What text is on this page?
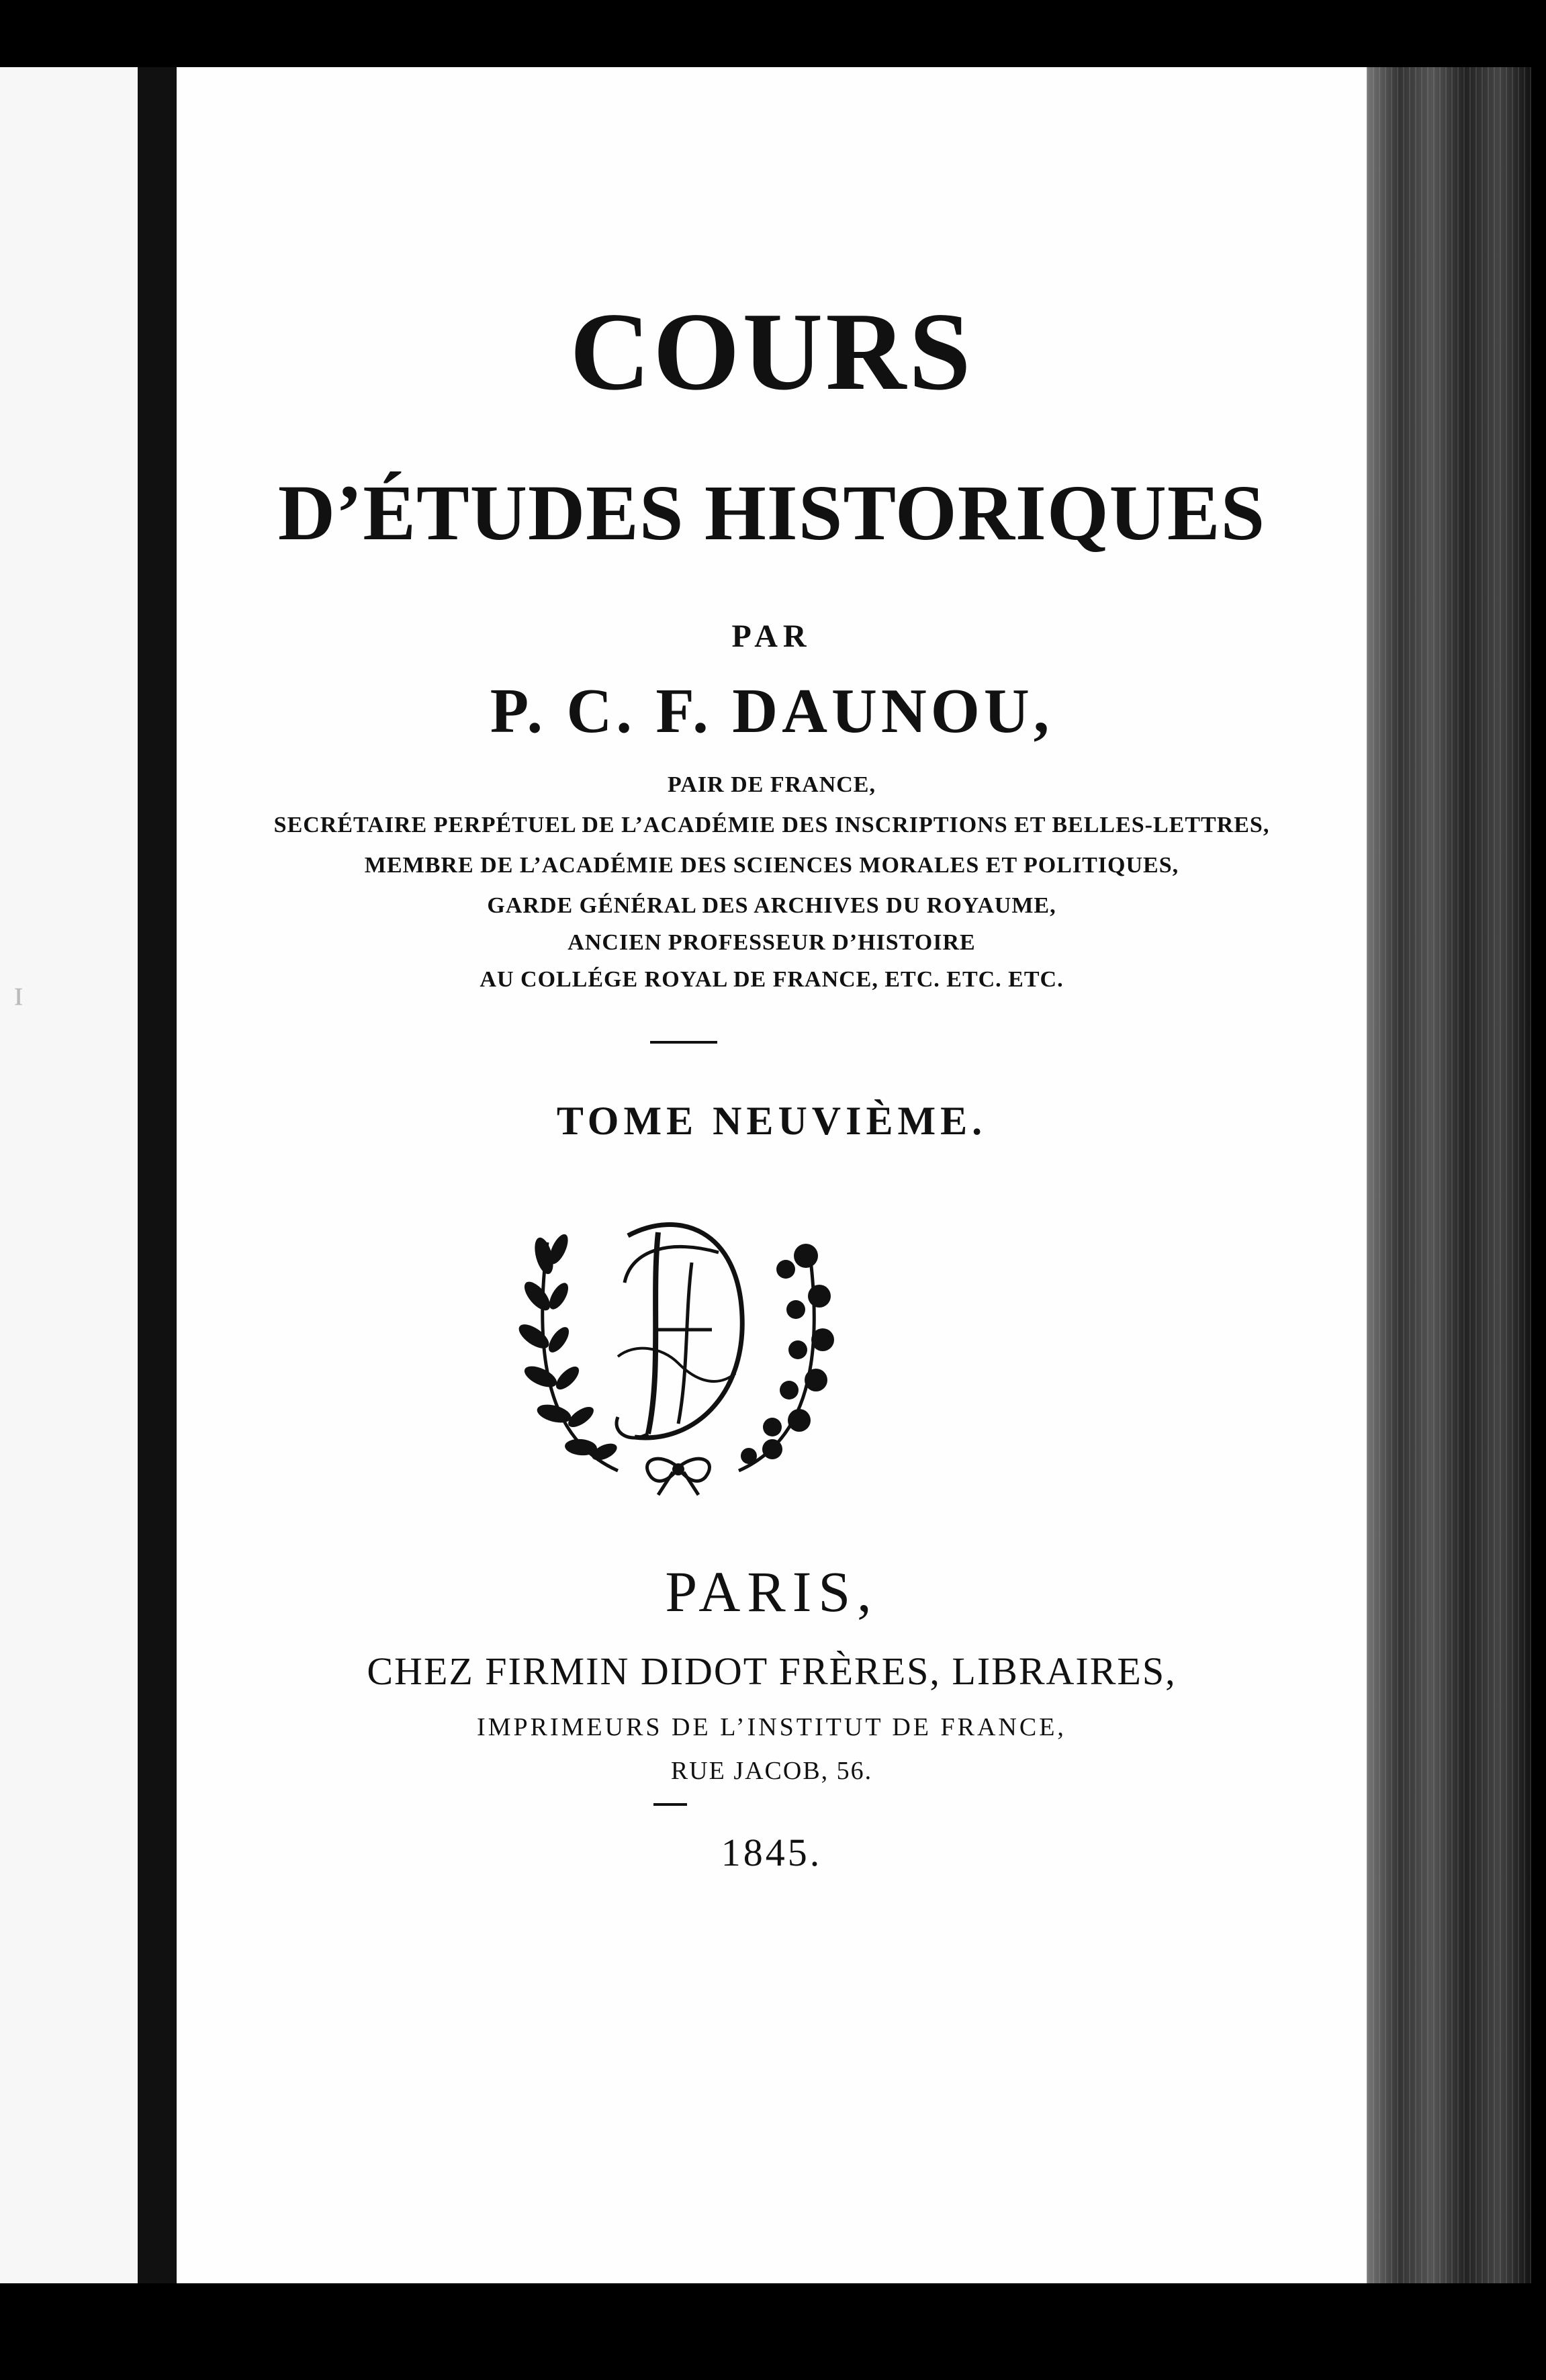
ᶦ
COURS
D’ÉTUDES HISTORIQUES
PAR
P. C. F. DAUNOU,
PAIR DE FRANCE,
SECRÉTAIRE PERPÉTUEL DE L’ACADÉMIE DES INSCRIPTIONS ET BELLES-LETTRES,
MEMBRE DE L’ACADÉMIE DES SCIENCES MORALES ET POLITIQUES,
GARDE GÉNÉRAL DES ARCHIVES DU ROYAUME,
ANCIEN PROFESSEUR D’HISTOIRE
AU COLLÉGE ROYAL DE FRANCE, ETC. ETC. ETC.
TOME NEUVIÈME.
PARIS,
CHEZ FIRMIN DIDOT FRÈRES, LIBRAIRES,
IMPRIMEURS DE L’INSTITUT DE FRANCE,
RUE JACOB, 56.
1845.
